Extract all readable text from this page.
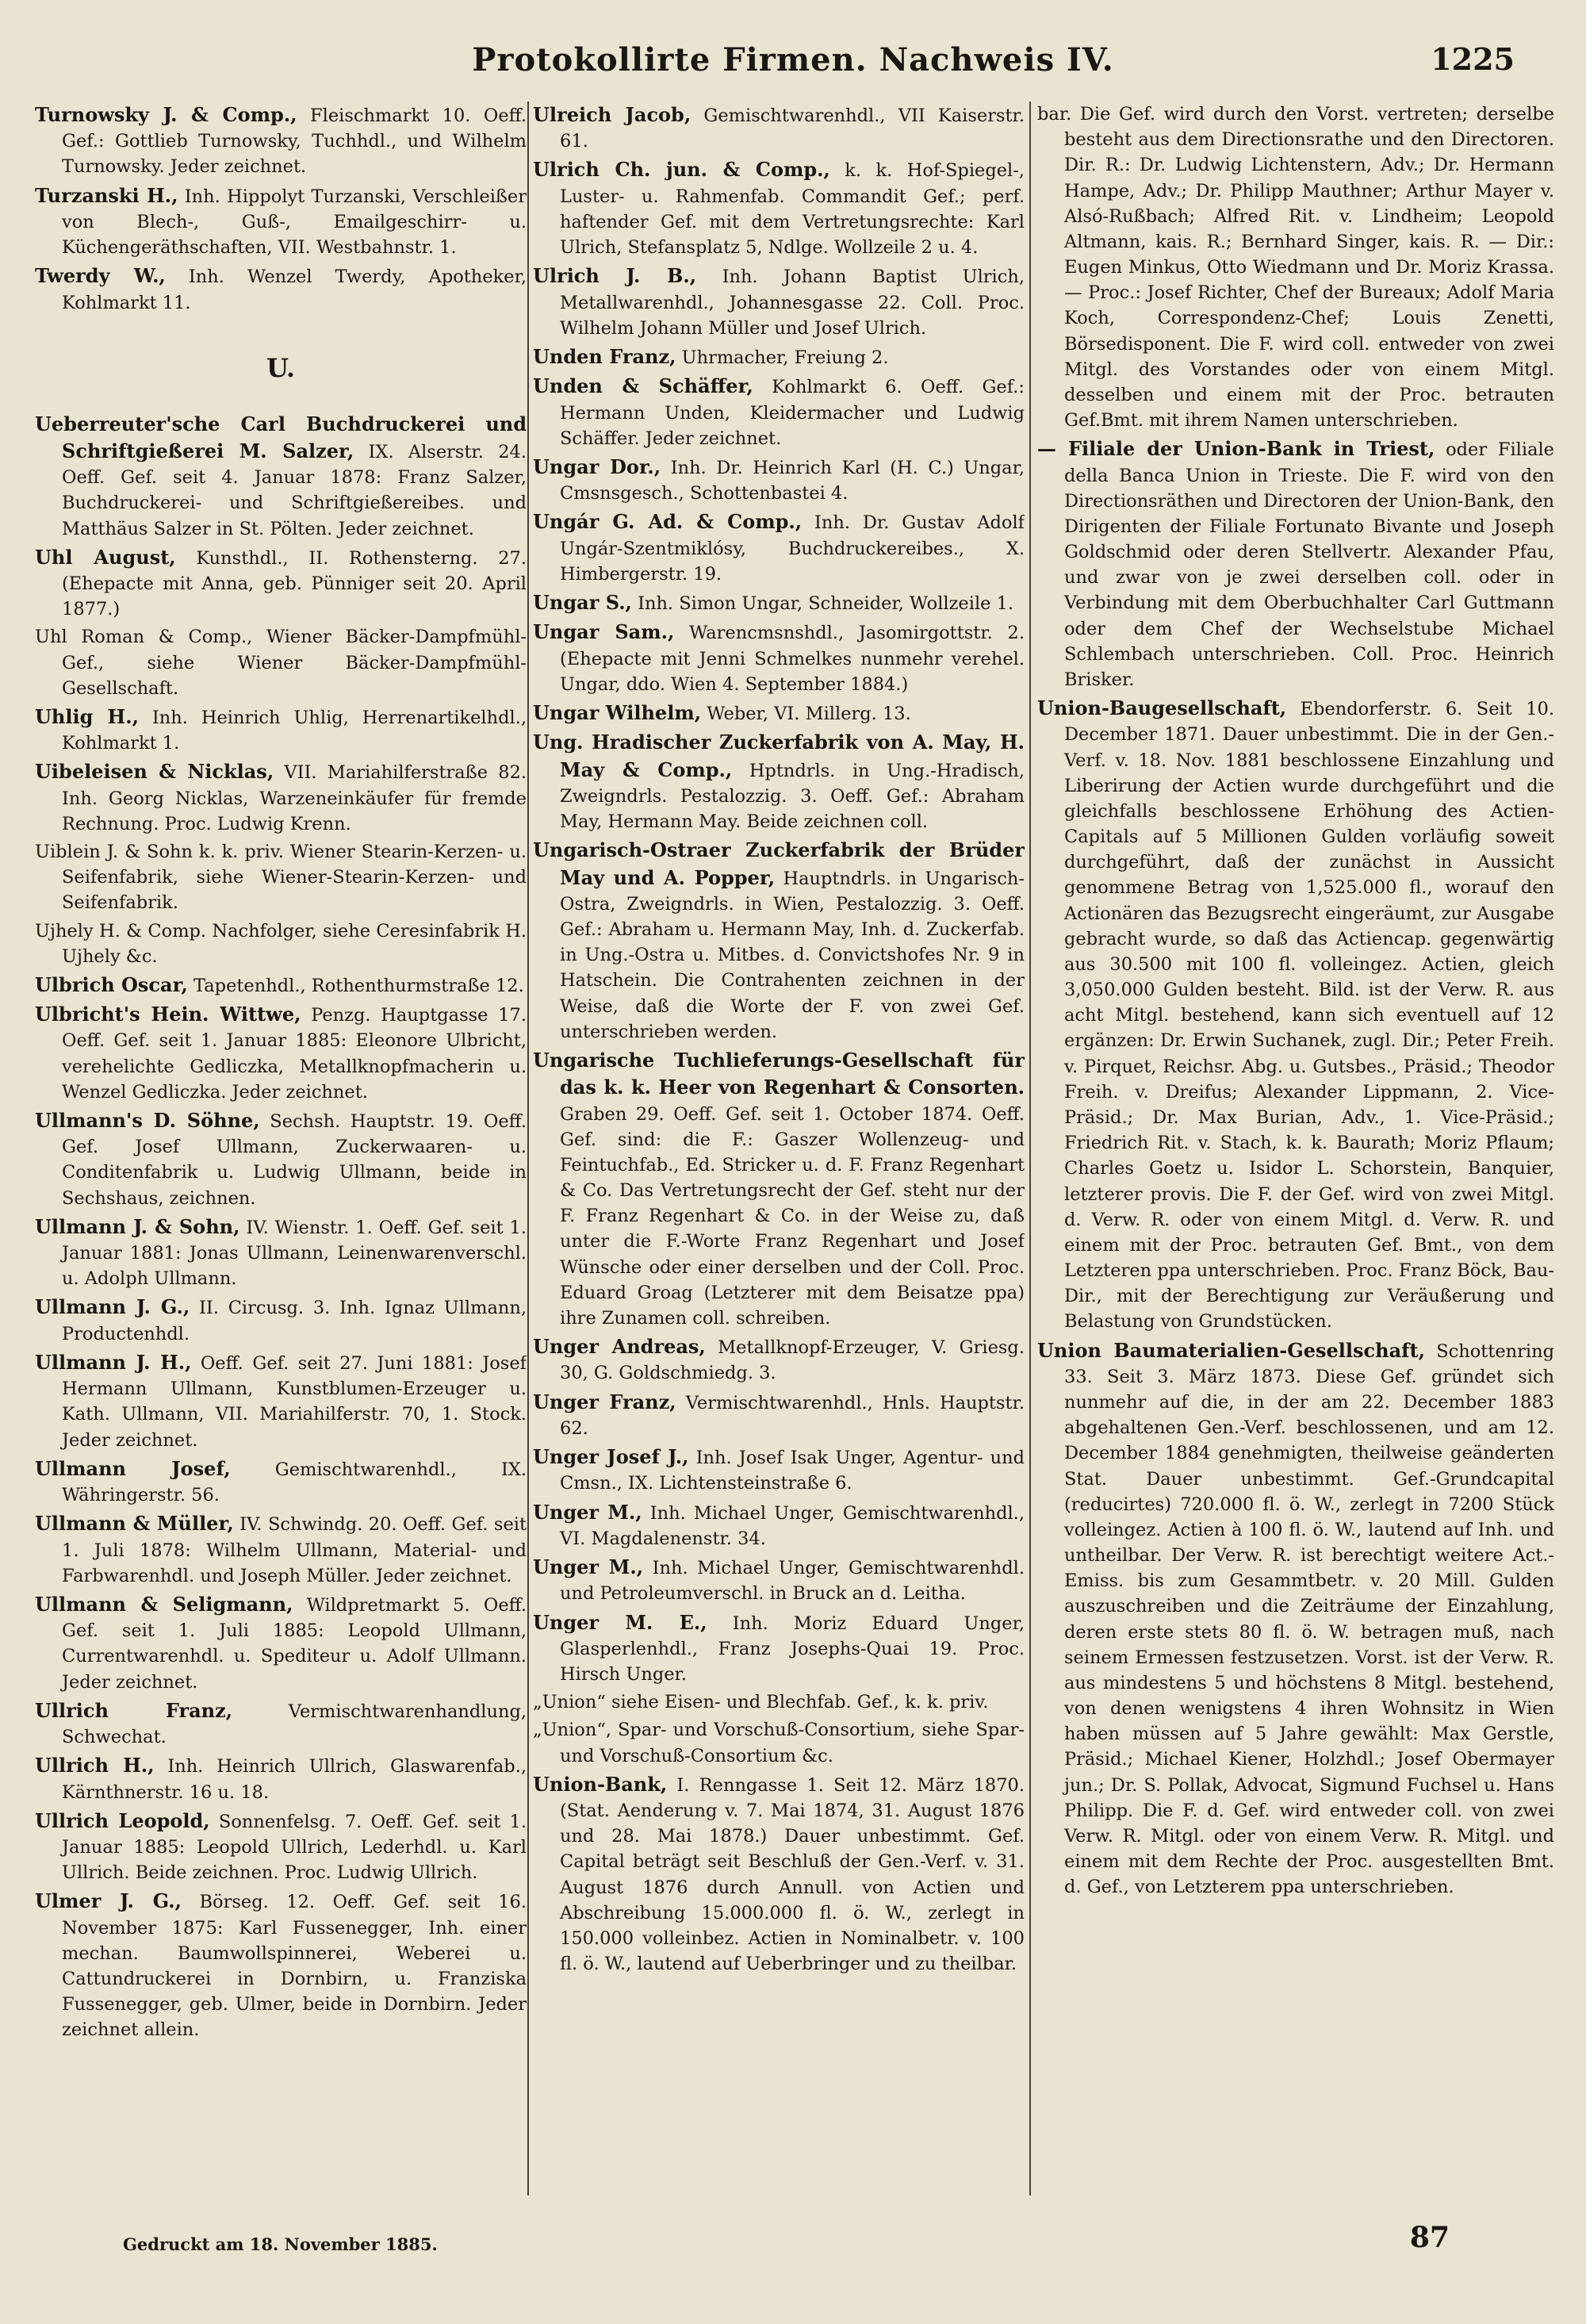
Protokollirte Firmen. Nachweis IV.	1225

Turnowsky J. & Comp., Fleischmarkt 10. Oeff. Gef.: Gottlieb Turnowsky, Tuchhdl., und Wilhelm Turnowsky. Jeder zeichnet.

Turzanski H., Inh. Hippolyt Turzanski, Verschleißer von Blech-, Guß-, Emailgeschirr- u. Küchengeräthschaften, VII. Westbahnstr. 1.

Twerdy W., Inh. Wenzel Twerdy, Apotheker, Kohlmarkt 11.

U.

Ueberreuter'sche Carl Buchdruckerei und Schriftgießerei M. Salzer, IX. Alserstr. 24. Oeff. Gef. seit 4. Januar 1878: Franz Salzer, Buchdruckerei- und Schriftgießereibes. und Matthäus Salzer in St. Pölten. Jeder zeichnet.

Uhl August, Kunsthdl., II. Rothensterng. 27. (Ehepacte mit Anna, geb. Pünniger seit 20. April 1877.)

Uhl Roman & Comp., Wiener Bäcker-Dampfmühl-Gef., siehe Wiener Bäcker-Dampfmühl-Gesellschaft.

Uhlig H., Inh. Heinrich Uhlig, Herrenartikelhdl., Kohlmarkt 1.

Uibeleisen & Nicklas, VII. Mariahilferstraße 82. Inh. Georg Nicklas, Warzeneinkäufer für fremde Rechnung. Proc. Ludwig Krenn.

Uiblein J. & Sohn k. k. priv. Wiener Stearin-Kerzen- u. Seifenfabrik, siehe Wiener-Stearin-Kerzen- und Seifenfabrik.

Ujhely H. & Comp. Nachfolger, siehe Ceresinfabrik H. Ujhely &c.

Ulbrich Oscar, Tapetenhdl., Rothenthurmstraße 12.

Ulbricht's Hein. Wittwe, Penzg. Hauptgasse 17. Oeff. Gef. seit 1. Januar 1885: Eleonore Ulbricht, verehelichte Gedliczka, Metallknopfmacherin u. Wenzel Gedliczka. Jeder zeichnet.

Ullmann's D. Söhne, Sechsh. Hauptstr. 19. Oeff. Gef. Josef Ullmann, Zuckerwaaren- u. Conditenfabrik u. Ludwig Ullmann, beide in Sechshaus, zeichnen.

Ullmann J. & Sohn, IV. Wienstr. 1. Oeff. Gef. seit 1. Januar 1881: Jonas Ullmann, Leinenwarenverschl. u. Adolph Ullmann.

Ullmann J. G., II. Circusg. 3. Inh. Ignaz Ullmann, Productenhdl.

Ullmann J. H., Oeff. Gef. seit 27. Juni 1881: Josef Hermann Ullmann, Kunstblumen-Erzeuger u. Kath. Ullmann, VII. Mariahilferstr. 70, 1. Stock. Jeder zeichnet.

Ullmann Josef, Gemischtwarenhdl., IX. Währingerstr. 56.

Ullmann & Müller, IV. Schwindg. 20. Oeff. Gef. seit 1. Juli 1878: Wilhelm Ullmann, Material- und Farbwarenhdl. und Joseph Müller. Jeder zeichnet.

Ullmann & Seligmann, Wildpretmarkt 5. Oeff. Gef. seit 1. Juli 1885: Leopold Ullmann, Currentwarenhdl. u. Spediteur u. Adolf Ullmann. Jeder zeichnet.

Ullrich Franz,	Vermischtwarenhandlung, Schwechat.

Ullrich H., Inh. Heinrich Ullrich, Glaswarenfab., Kärnthnerstr. 16 u. 18.

Ullrich Leopold, Sonnenfelsg. 7. Oeff. Gef. seit 1. Januar 1885: Leopold Ullrich, Lederhdl. u. Karl Ullrich. Beide zeichnen. Proc. Ludwig Ullrich.

Ulmer J. G., Börseg. 12. Oeff. Gef. seit 16. November 1875: Karl Fussenegger, Inh. einer mechan. Baumwollspinnerei, Weberei u. Cattundruckerei in Dornbirn, u. Franziska Fussenegger, geb. Ulmer, beide in Dornbirn. Jeder zeichnet allein.

Ulreich Jacob, Gemischtwarenhdl., VII Kaiserstr. 61.

Ulrich Ch. jun. & Comp., k. k. Hof-Spiegel-, Luster- u. Rahmenfab. Commandit Gef.; perf. haftender Gef. mit dem Vertretungsrechte: Karl Ulrich, Stefansplatz 5, Ndlge. Wollzeile 2 u. 4.

Ulrich J. B., Inh. Johann Baptist Ulrich, Metallwarenhdl., Johannesgasse 22. Coll. Proc. Wilhelm Johann Müller und Josef Ulrich.

Unden Franz, Uhrmacher, Freiung 2.

Unden & Schäffer, Kohlmarkt 6. Oeff. Gef.: Hermann Unden, Kleidermacher und Ludwig Schäffer. Jeder zeichnet.

Ungar Dor., Inh. Dr. Heinrich Karl (H. C.) Ungar, Cmsnsgesch., Schottenbastei 4.

Ungár G. Ad. & Comp., Inh. Dr. Gustav Adolf Ungár-Szentmiklósy, Buchdruckereibes., X. Himbergerstr. 19.

Ungar S., Inh. Simon Ungar, Schneider, Wollzeile 1.

Ungar Sam., Warencmsnshdl., Jasomirgottstr. 2. (Ehepacte mit Jenni Schmelkes nunmehr verehel. Ungar, ddo. Wien 4. September 1884.)

Ungar Wilhelm, Weber, VI. Millerg. 13.

Ung. Hradischer Zuckerfabrik von A. May, H. May & Comp., Hptndrls. in Ung.-Hradisch, Zweigndrls. Pestalozzig. 3. Oeff. Gef.: Abraham May, Hermann May. Beide zeichnen coll.

Ungarisch-Ostraer Zuckerfabrik der Brüder May und A. Popper, Hauptndrls. in Ungarisch-Ostra, Zweigndrls. in Wien, Pestalozzig. 3. Oeff. Gef.: Abraham u. Hermann May, Inh. d. Zuckerfab. in Ung.-Ostra u. Mitbes. d. Convictshofes Nr. 9 in Hatschein. Die Contrahenten zeichnen in der Weise, daß die Worte der F. von zwei Gef. unterschrieben werden.

Ungarische Tuchlieferungs-Gesellschaft für das k. k. Heer von Regenhart & Consorten. Graben 29. Oeff. Gef. seit 1. October 1874. Oeff. Gef. sind: die F.: Gaszer Wollenzeug- und Feintuchfab., Ed. Stricker u. d. F. Franz Regenhart & Co. Das Vertretungsrecht der Gef. steht nur der F. Franz Regenhart & Co. in der Weise zu, daß unter die F.-Worte Franz Regenhart und Josef Wünsche oder einer derselben und der Coll. Proc. Eduard Groag (Letzterer mit dem Beisatze ppa) ihre Zunamen coll. schreiben.

Unger Andreas, Metallknopf-Erzeuger, V. Griesg. 30, G. Goldschmiedg. 3.

Unger Franz, Vermischtwarenhdl., Hnls. Hauptstr. 62.

Unger Josef J., Inh. Josef Isak Unger, Agentur- und Cmsn., IX. Lichtensteinstraße 6.

Unger M., Inh. Michael Unger, Gemischtwarenhdl., VI. Magdalenenstr. 34.

Unger M., Inh. Michael Unger, Gemischtwarenhdl. und Petroleumverschl. in Bruck an d. Leitha.

Unger M. E., Inh. Moriz Eduard Unger, Glasperlenhdl., Franz Josephs-Quai 19. Proc. Hirsch Unger.

„Union“ siehe Eisen- und Blechfab. Gef., k. k. priv.

„Union“, Spar- und Vorschuß-Consortium, siehe Spar- und Vorschuß-Consortium &c.

Union-Bank, I. Renngasse 1. Seit 12. März 1870. (Stat. Aenderung v. 7. Mai 1874, 31. August 1876 und 28. Mai 1878.) Dauer unbestimmt. Gef. Capital beträgt seit Beschluß der Gen.-Verf. v. 31. August 1876 durch Annull. von Actien und Abschreibung 15.000.000 fl. ö. W., zerlegt in 150.000 volleinbez. Actien in Nominalbetr. v. 100 fl. ö. W., lautend auf Ueberbringer und zu theilbar.

bar. Die Gef. wird durch den Vorst. vertreten; derselbe besteht aus dem Directionsrathe und den Directoren. Dir. R.: Dr. Ludwig Lichtenstern, Adv.; Dr. Hermann Hampe, Adv.; Dr. Philipp Mauthner; Arthur Mayer v. Alsó-Rußbach; Alfred Rit. v. Lindheim; Leopold Altmann, kais. R.; Bernhard Singer, kais. R. — Dir.: Eugen Minkus, Otto Wiedmann und Dr. Moriz Krassa. — Proc.: Josef Richter, Chef der Bureaux; Adolf Maria Koch, Correspondenz-Chef; Louis Zenetti, Börsedisponent. Die F. wird coll. entweder von zwei Mitgl. des Vorstandes oder von einem Mitgl. desselben und einem mit der Proc. betrauten Gef.Bmt. mit ihrem Namen unterschrieben.

— Filiale der Union-Bank in Triest, oder Filiale della Banca Union in Trieste. Die F. wird von den Directionsräthen und Directoren der Union-Bank, den Dirigenten der Filiale Fortunato Bivante und Joseph Goldschmid oder deren Stellvertr. Alexander Pfau, und zwar von je zwei derselben coll. oder in Verbindung mit dem Oberbuchhalter Carl Guttmann oder dem Chef der Wechselstube Michael Schlembach unterschrieben. Coll. Proc. Heinrich Brisker.

Union-Baugesellschaft, Ebendorferstr. 6. Seit 10. December 1871. Dauer unbestimmt. Die in der Gen.-Verf. v. 18. Nov. 1881 beschlossene Einzahlung und Liberirung der Actien wurde durchgeführt und die gleichfalls beschlossene Erhöhung des Actien-Capitals auf 5 Millionen Gulden vorläufig soweit durchgeführt, daß der zunächst in Aussicht genommene Betrag von 1,525.000 fl., worauf den Actionären das Bezugsrecht eingeräumt, zur Ausgabe gebracht wurde, so daß das Actiencap. gegenwärtig aus 30.500 mit 100 fl. volleingez. Actien, gleich 3,050.000 Gulden besteht. Bild. ist der Verw. R. aus acht Mitgl. bestehend, kann sich eventuell auf 12 ergänzen: Dr. Erwin Suchanek, zugl. Dir.; Peter Freih. v. Pirquet, Reichsr. Abg. u. Gutsbes., Präsid.; Theodor Freih. v. Dreifus; Alexander Lippmann, 2. Vice-Präsid.; Dr. Max Burian, Adv., 1. Vice-Präsid.; Friedrich Rit. v. Stach, k. k. Baurath; Moriz Pflaum; Charles Goetz u. Isidor L. Schorstein, Banquier, letzterer provis. Die F. der Gef. wird von zwei Mitgl. d. Verw. R. oder von einem Mitgl. d. Verw. R. und einem mit der Proc. betrauten Gef. Bmt., von dem Letzteren ppa unterschrieben. Proc. Franz Böck, Bau-Dir., mit der Berechtigung zur Veräußerung und Belastung von Grundstücken.

Union Baumaterialien-Gesellschaft, Schottenring 33. Seit 3. März 1873. Diese Gef. gründet sich nunmehr auf die, in der am 22. December 1883 abgehaltenen Gen.-Verf. beschlossenen, und am 12. December 1884 genehmigten, theilweise geänderten Stat. Dauer unbestimmt. Gef.-Grundcapital (reducirtes) 720.000 fl. ö. W., zerlegt in 7200 Stück volleingez. Actien à 100 fl. ö. W., lautend auf Inh. und untheilbar. Der Verw. R. ist berechtigt weitere Act.-Emiss. bis zum Gesammtbetr. v. 20 Mill. Gulden auszuschreiben und die Zeiträume der Einzahlung, deren erste stets 80 fl. ö. W. betragen muß, nach seinem Ermessen festzusetzen. Vorst. ist der Verw. R. aus mindestens 5 und höchstens 8 Mitgl. bestehend, von denen wenigstens 4 ihren Wohnsitz in Wien haben müssen auf 5 Jahre gewählt: Max Gerstle, Präsid.; Michael Kiener, Holzhdl.; Josef Obermayer jun.; Dr. S. Pollak, Advocat, Sigmund Fuchsel u. Hans Philipp. Die F. d. Gef. wird entweder coll. von zwei Verw. R. Mitgl. oder von einem Verw. R. Mitgl. und einem mit dem Rechte der Proc. ausgestellten Bmt. d. Gef., von Letzterem ppa unterschrieben.

Gedruckt am 18. November 1885.	87
